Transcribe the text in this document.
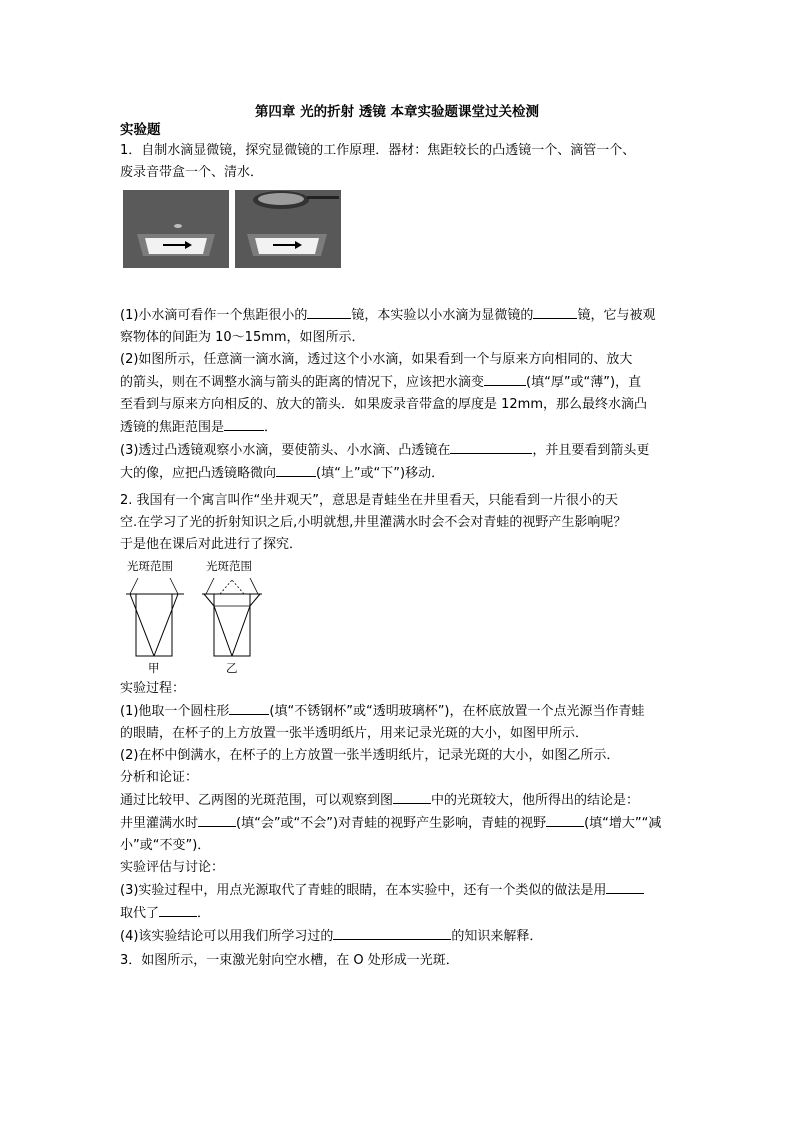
第四章 光的折射 透镜 本章实验题课堂过关检测
实验题
1．自制水滴显微镜，探究显微镜的工作原理．器材：焦距较长的凸透镜一个、滴管一个、
废录音带盒一个、清水．
(1)小水滴可看作一个焦距很小的	镜，本实验以小水滴为显微镜的	镜，它与被观
察物体的间距为 10～15mm，如图所示．
(2)如图所示，任意滴一滴水滴，透过这个小水滴，如果看到一个与原来方向相同的、放大
的箭头，则在不调整水滴与箭头的距离的情况下，应该把水滴变	(填“厚”或“薄”)，直
至看到与原来方向相反的、放大的箭头．如果废录音带盒的厚度是 12mm，那么最终水滴凸
透镜的焦距范围是	．
(3)透过凸透镜观察小水滴，要使箭头、小水滴、凸透镜在	，并且要看到箭头更
大的像，应把凸透镜略微向	(填“上”或“下”)移动．
2. 我国有一个寓言叫作“坐井观天”，意思是青蛙坐在井里看天，只能看到一片很小的天
空.在学习了光的折射知识之后,小明就想,井里灌满水时会不会对青蛙的视野产生影响呢？
于是他在课后对此进行了探究．
光斑范围	光斑范围
甲	乙
实验过程：
(1)他取一个圆柱形	(填“不锈钢杯”或“透明玻璃杯”)，在杯底放置一个点光源当作青蛙
的眼睛，在杯子的上方放置一张半透明纸片，用来记录光斑的大小，如图甲所示．
(2)在杯中倒满水，在杯子的上方放置一张半透明纸片，记录光斑的大小，如图乙所示．
分析和论证：
通过比较甲、乙两图的光斑范围，可以观察到图	中的光斑较大，他所得出的结论是：
井里灌满水时	(填“会”或“不会”)对青蛙的视野产生影响，青蛙的视野	(填“增大”“减
小”或“不变”)．
实验评估与讨论：
(3)实验过程中，用点光源取代了青蛙的眼睛，在本实验中，还有一个类似的做法是用
取代了	．
(4)该实验结论可以用我们所学习过的	的知识来解释．
3．如图所示，一束激光射向空水槽，在 O 处形成一光斑．
